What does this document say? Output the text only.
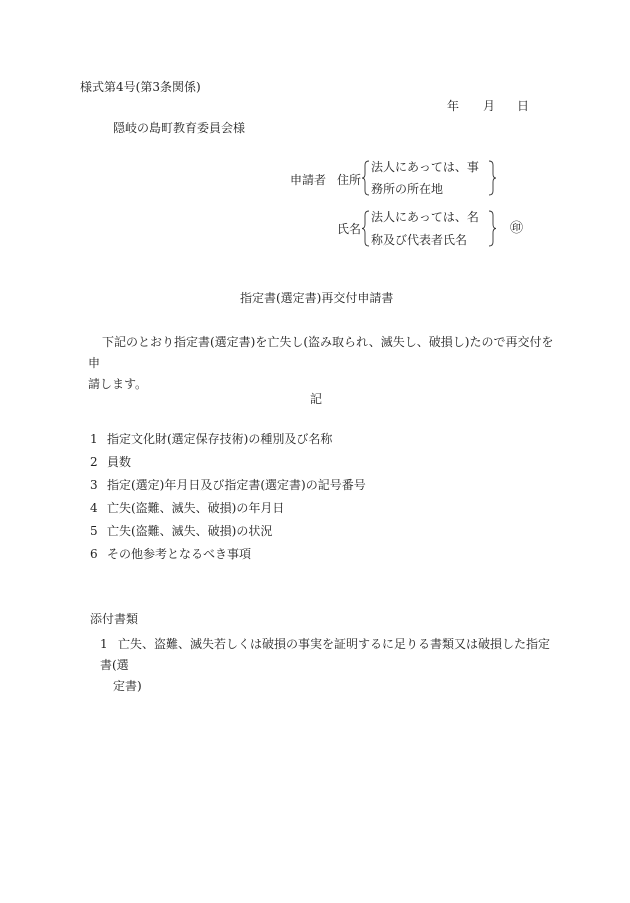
様式第4号(第3条関係)
年 月 日
隠岐の島町教育委員会様
申請者 住所
法人にあっては、事
務所の所在地
氏名
法人にあっては、名
称及び代表者氏名
㊞
指定書(選定書)再交付申請書
下記のとおり指定書(選定書)を亡失し(盗み取られ、滅失し、破損し)たので再交付を申
請します。
記
1 指定文化財(選定保存技術)の種別及び名称
2 員数
3 指定(選定)年月日及び指定書(選定書)の記号番号
4 亡失(盗難、滅失、破損)の年月日
5 亡失(盗難、滅失、破損)の状況
6 その他参考となるべき事項
添付書類
1 亡失、盗難、滅失若しくは破損の事実を証明するに足りる書類又は破損した指定書(選
定書)
